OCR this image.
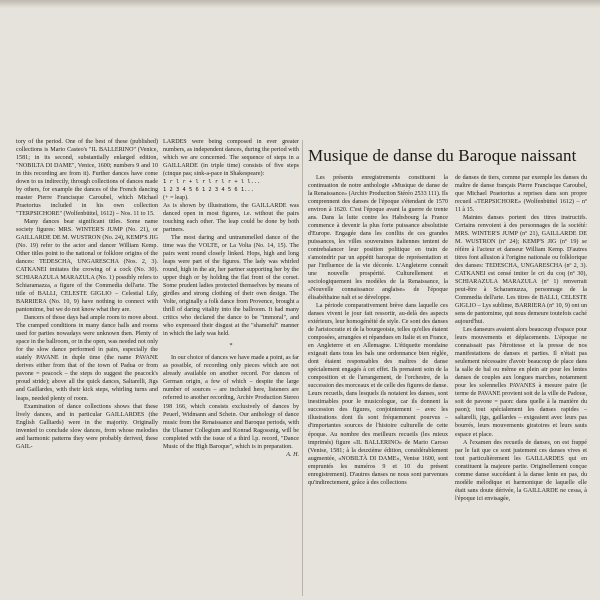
tory of the period. One of the best of these (published) collections is Mario Casteo's "IL BALLERINO" (Venice, 1581; in its second, substantially enlarged edition, "NOBILTA DI DAME", Venice, 1600; numbers 9 and 10 in this recording are from it). Further dances have come down to us indirectly, through collections of dances made by others, for example the dances of the French dancing master Pierre Francisque Caroubel, which Michael Praetorius included in his own collection "TERPSICHORE" (Wolfenbüttel, 1612) – Nos. 11 to 15.

Many dances bear significant titles. Some name society figures: MRS. WINTER'S JUMP (No. 21), or GAILLARDE DE M. WUSTRON (No. 24), KEMP'S JIG (No. 19) refer to the actor and dancer William Kemp. Other titles point to the national or folklore origins of the dances: TEDESCHA, UNGARESCHA (Nos. 2, 3). CATKANEI imitates the crowing of a cock (No. 30). SCHIARAZULA MARAZULA (No. 1) possibly refers to Schiaramazza, a figure of the Commedia dell'arte. The title of BALLI, CELESTE GIGLIO – Celestial Lily, BARRIERA (No. 10, 9) have nothing to connect with pantomime, but we do not know what they are.

Dancers of those days had ample room to move about. The cramped conditions in many dance halls and rooms used for parties nowadays were unknown then. Plenty of space in the ballroom, or in the open, was needed not only for the slow dance performed in pairs, especially the stately PAVANE in duple time (the name PAVANE derives either from that of the town of Padua or from pavone = peacock – the steps do suggest the peacock's proud stride); above all the quick dances, Saltarelli, Jigs and Gaillardes, with their kick steps, whirling turns and leaps, needed plenty of room.

Examination of dance collections shows that these lively dances, and in particular GAILLARDES (the English Galliards) were in the majority. Originally invented to conclude slow dances, from whose melodies and harmonic patterns they were probably derived, these GAIL-

LARDES were being composed in ever greater numbers, as independent dances, during the period with which we are concerned. The sequence of steps in a GAILLARDE (in triple time) consists of five steps (cinque pas; sink-a-pace in Shakespeare):

1 r l r + l r l r l r + l l...

1 2 3 4 5 6 1 2 3 4 5 6 1...

(+ = leap).

As is shown by illustrations, the GAILLARDE was danced open in most figures, i.e. without the pairs touching each other. The leap could be done by both partners.

The most daring and untrammelled dance of the time was the VOLTE, or La Volta (No. 14, 15). The pairs went round closely linked. Hops, high and long leaps were part of the figures. The lady was whirled round, high in the air, her partner supporting her by the upper thigh or by holding the flat front of the corset. Some prudent ladies protected themselves by means of girdles and strong clothing of their own design. The Volte, originally a folk dance from Provence, brought a thrill of daring vitality into the ballroom. It had many critics who declared the dance to be "immoral", and who expressed their disgust at the "shameful" manner in which the lady was held.

*

In our choice of dances we have made a point, as far as possible, of recording only pieces which are not already available on another record. For dances of German origin, a few of which – despite the large number of sources – are included here, listeners are referred to another recording, Archiv Production Stereo 198 166, which consists exclusively of dances by Peuerl, Widmann and Schein. Our anthology of dance music from the Renaissance and Baroque periods, with the Ulsamer Collegium and Konrad Ragossnig, will be completed with the issue of a third l.p. record, "Dance Music of the High Baroque", which is in preparation.

A. H.

Musique de danse du Baroque naissant

Les présents enregistrements constituent la continuation de notre anthologie «Musique de danse de la Renaissance» (Archiv Production Stéréo 2533 111). Ils comprennent des danses de l'époque s'étendant de 1570 environ à 1620. C'est l'époque avant la guerre de trente ans. Dans la lutte contre les Habsbourg la France commence à devenir la plus forte puissance absolutiste d'Europe. Engagée dans les conflits de ces grandes puissances, les villes souveraines italiennes tentent de contrebalancer leur position politique en train de s'amoindrir par un appétit baroque de représentation et par l'influence de la vie décorée. L'Angleterre connaît une nouvelle prospérité. Culturellement et sociologiquement les modèles de la Renaissance, la «Nouvelle connaissance anglaise» de l'époque élisabéthaine naît et se développe.

La période comparativement brève dans laquelle ces danses vivent le jour fait ressortir, au-delà des aspects extérieurs, leur homogénéité de style. Ce sont des danses de l'aristocratie et de la bourgeoisie, telles qu'elles étaient composées, arrangées et répandues en Italie et en France, en Angleterre et en Allemagne. L'étiquette mondaine exigeait dans tous les bals une ordonnance bien réglée, dont étaient responsables des maîtres de danse spécialement engagés à cet effet. Ils prenaient soin de la composition et de l'arrangement, de l'orchestre, de la succession des morceaux et de celle des figures de danse. Leurs recueils, dans lesquels ils notaient les danses, sont inestimables pour le musicologue, car ils donnent la succession des figures, conjointement – avec les illustrations dont ils sont fréquemment pourvus – d'importantes sources de l'histoire culturelle de cette époque. Au nombre des meilleurs recueils (les mieux imprimés) figure «IL BALLERINO» de Mario Caroso (Venise, 1581; à la deuxième édition, considérablement augmentée, «NOBILTÀ DI DAME», Venise 1600, sont empruntés les numéros 9 et 10 du présent enregistrement). D'autres danses ne nous sont parvenues qu'indirectement, grâce à des collections

de danses de tiers, comme par exemple les danses du maître de danse français Pierre Francisque Caroubel, que Michael Praetorius a reprises dans son propre recueil «TERPSICHORE» (Wolfenbüttel 1612) – nº 11 à 15.

Maintes danses portent des titres instructifs. Certains renvoient à des personnages de la société: MRS. WINTER'S JUMP (nº 21), GAILLARDE DE M. WUSTRON (nº 24); KEMP'S JIG (nº 19) se réfère à l'acteur et danseur William Kemp. D'autres titres font allusion à l'origine nationale ou folklorique des danses: TEDESCHA, UNGARESCHA (nº 2, 3). CATKANEI est censé imiter le cri du coq (nº 30), SCHIARAZULA MARAZULA (nº 1) renverrait peut-être à Scharamuzza, personnage de la Commedia dell'arte. Les titres de BALLI, CELESTE GIGLIO – Lys sublime, BARRIERA (nº 10, 9) ont un sens de pantomime, qui nous demeure toutefois caché aujourd'hui.

Les danseurs avaient alors beaucoup d'espace pour leurs mouvements et déplacements. L'époque ne connaissait pas l'étroitesse et la presse de nos manifestations de danses et parties. Il n'était pas seulement nécessaire d'avoir beaucoup de place dans la salle de bal ou même en plein air pour les lentes danses de couples aux longues marches, notamment pour les solennelles PAVANES à mesure paire (le terme de PAVANE provient soit de la ville de Padoue, soit de pavone = paon: dans quelle à la manière du paon); tout spécialement les danses rapides – saltarelli, jigs, gaillardes – exigeaient avec leurs pas bourrés, leurs mouvements giratoires et leurs sauts espace et place.

A l'examen des recueils de danses, on est frappé par le fait que ce sont justement ces danses vives et tout particulièrement les GAILLARDES qui en constituent la majeure partie. Originellement conçue comme danse succédant à la danse lente en pas, du modèle mélodique et harmonique de laquelle elle était sans doute dérivée, la GAILLARDE ne cessa, à l'époque ici envisagée,
